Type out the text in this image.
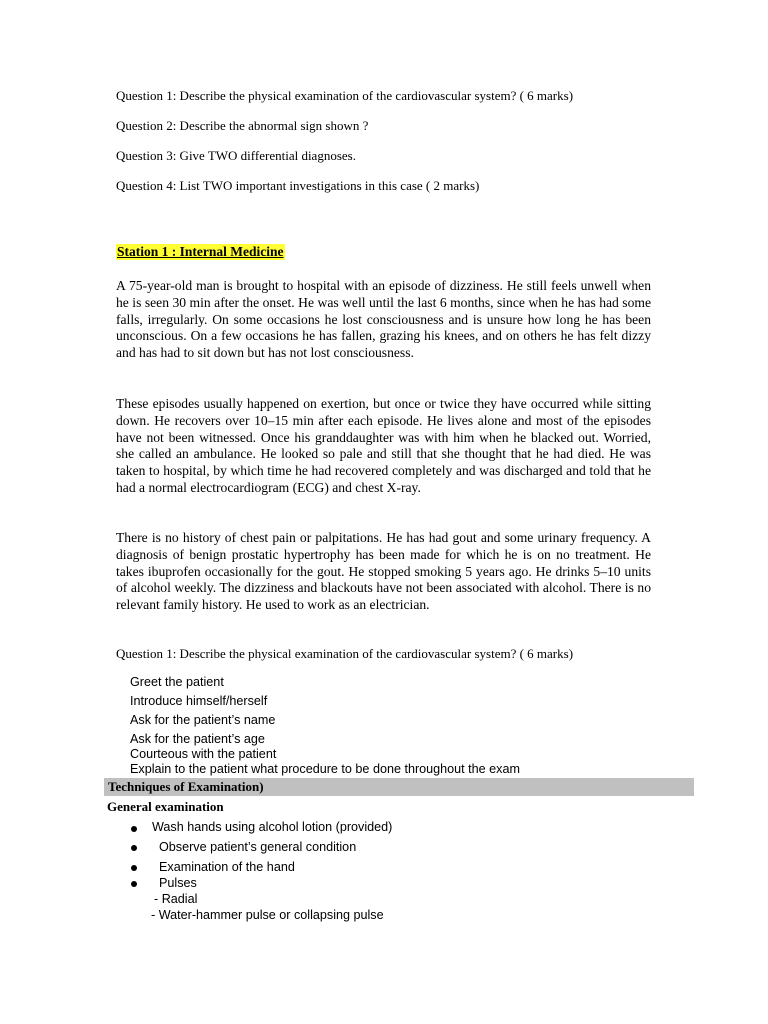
Question 1: Describe the physical examination of the cardiovascular system? ( 6 marks)
Question 2: Describe the abnormal sign shown ?
Question 3: Give TWO differential diagnoses.
Question 4: List TWO important investigations in this case ( 2 marks)
Station 1 : Internal Medicine
A 75-year-old man is brought to hospital with an episode of dizziness. He still feels unwell when he is seen 30 min after the onset. He was well until the last 6 months, since when he has had some falls, irregularly. On some occasions he lost consciousness and is unsure how long he has been unconscious. On a few occasions he has fallen, grazing his knees, and on others he has felt dizzy and has had to sit down but has not lost consciousness.
These episodes usually happened on exertion, but once or twice they have occurred while sitting down. He recovers over 10–15 min after each episode. He lives alone and most of the episodes have not been witnessed. Once his granddaughter was with him when he blacked out. Worried, she called an ambulance. He looked so pale and still that she thought that he had died. He was taken to hospital, by which time he had recovered completely and was discharged and told that he had a normal electrocardiogram (ECG) and chest X-ray.
There is no history of chest pain or palpitations. He has had gout and some urinary frequency. A diagnosis of benign prostatic hypertrophy has been made for which he is on no treatment. He takes ibuprofen occasionally for the gout. He stopped smoking 5 years ago. He drinks 5–10 units of alcohol weekly. The dizziness and blackouts have not been associated with alcohol. There is no relevant family history. He used to work as an electrician.
Question 1: Describe the physical examination of the cardiovascular system? ( 6 marks)
Greet the patient
Introduce himself/herself
Ask for the patient’s name
Ask for the patient’s age
Courteous with the patient
Explain to the patient what procedure to be done throughout the exam
Techniques of Examination)
General examination
Wash hands using alcohol lotion (provided)
Observe patient’s general condition
Examination of the hand
Pulses
- Radial
- Water-hammer pulse or collapsing pulse
